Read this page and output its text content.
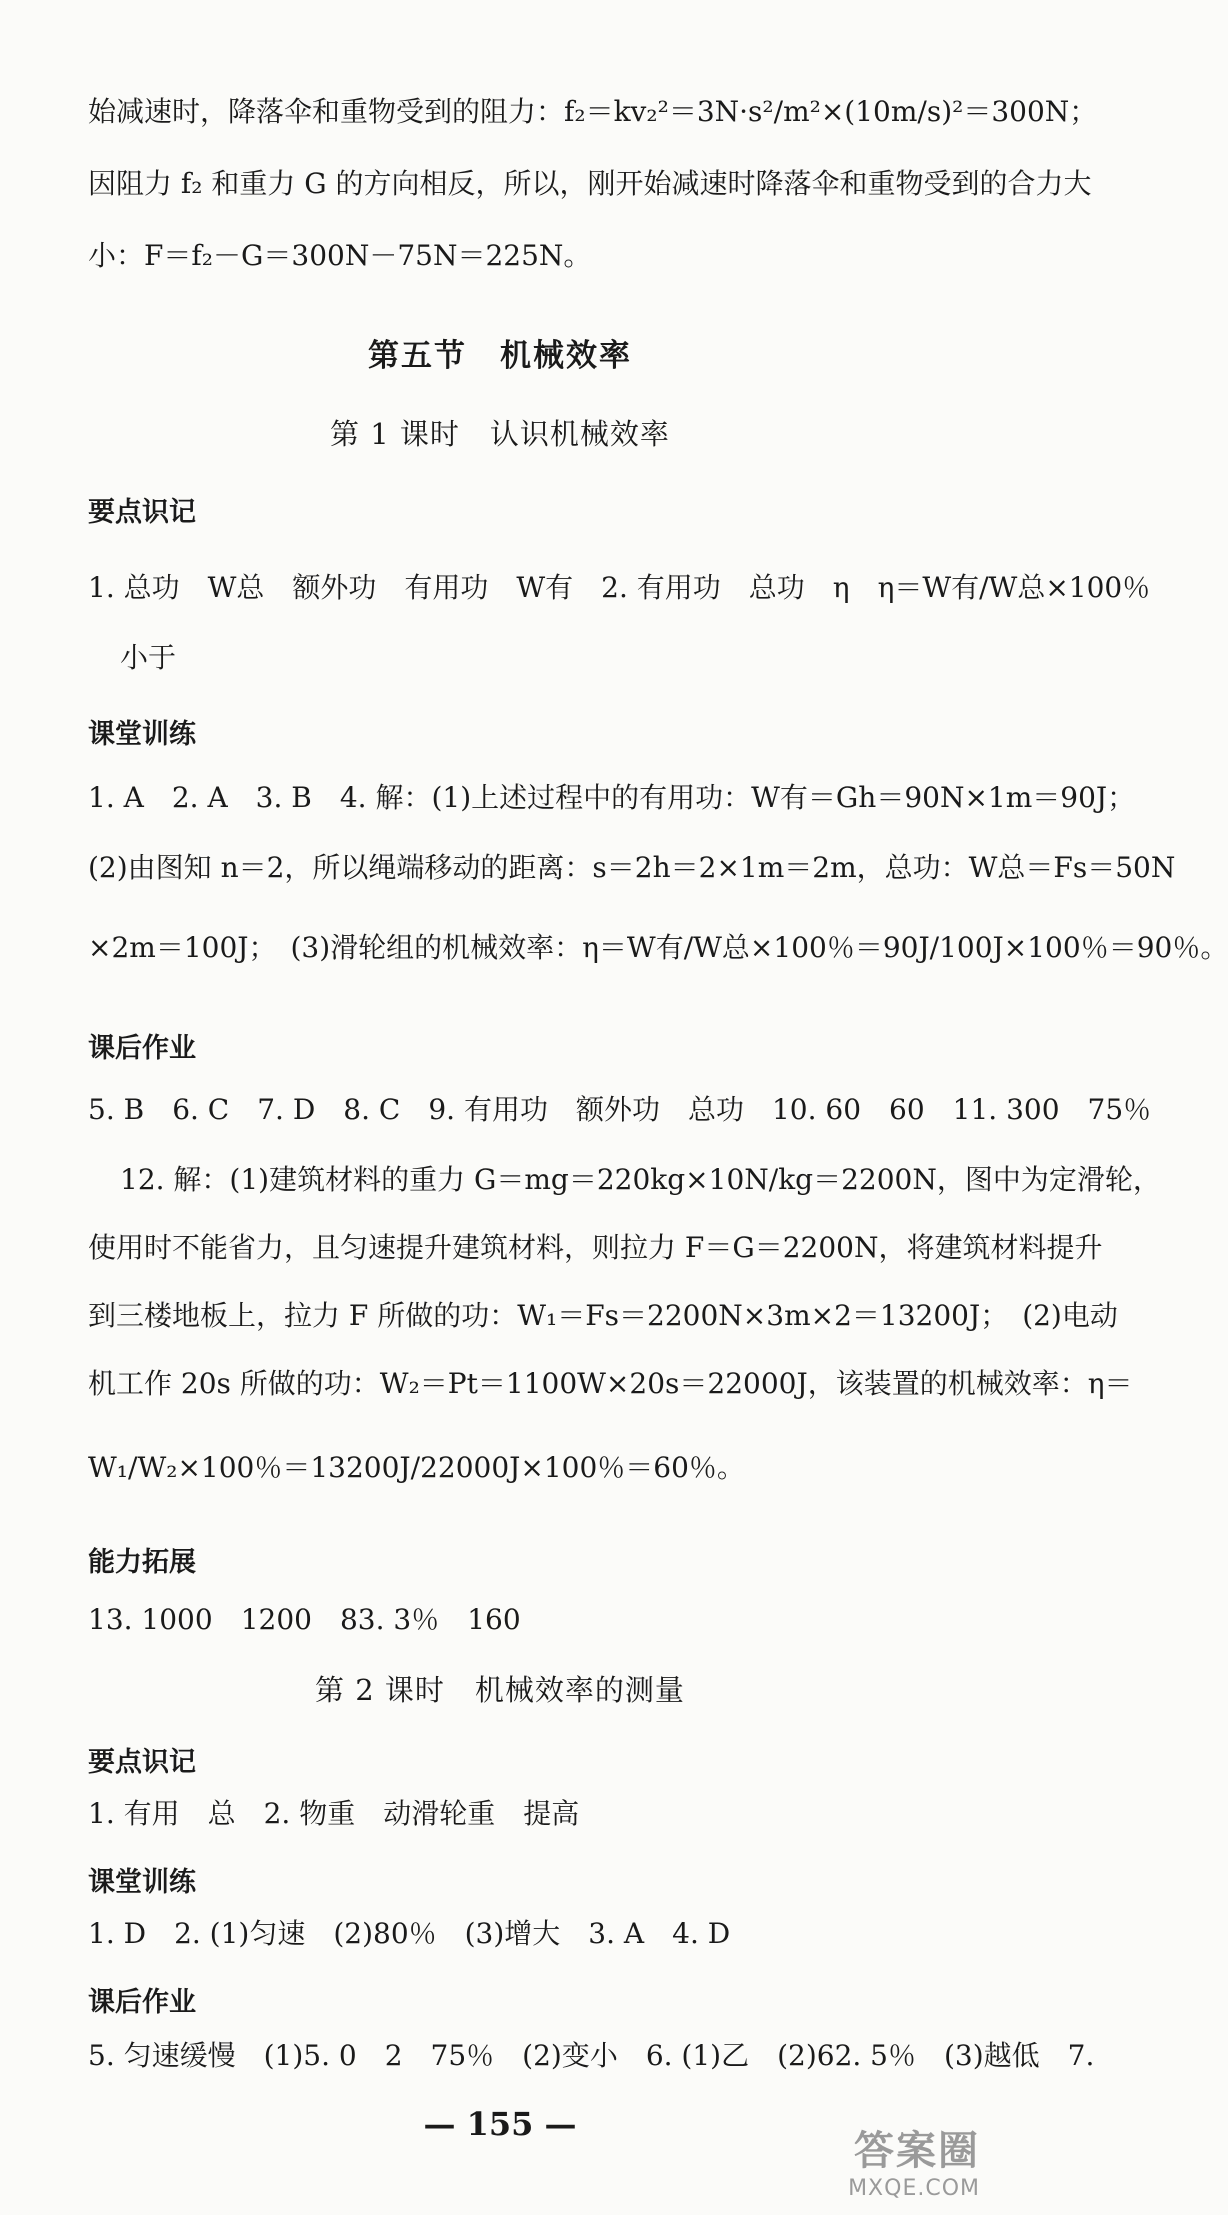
始减速时，降落伞和重物受到的阻力：f₂＝kv₂²＝3N·s²/m²×(10m/s)²＝300N；
因阻力 f₂ 和重力 G 的方向相反，所以，刚开始减速时降落伞和重物受到的合力大
小：F＝f₂－G＝300N－75N＝225N。
第五节　机械效率
第 1 课时　认识机械效率
要点识记
1. 总功　W总　额外功　有用功　W有　2. 有用功　总功　η　η＝W有/W总×100％
小于
课堂训练
1. A　2. A　3. B　4. 解：(1)上述过程中的有用功：W有＝Gh＝90N×1m＝90J；
(2)由图知 n＝2，所以绳端移动的距离：s＝2h＝2×1m＝2m，总功：W总＝Fs＝50N
×2m＝100J；　(3)滑轮组的机械效率：η＝W有/W总×100％＝90J/100J×100％＝90％。
课后作业
5. B　6. C　7. D　8. C　9. 有用功　额外功　总功　10. 60　60　11. 300　75％
12. 解：(1)建筑材料的重力 G＝mg＝220kg×10N/kg＝2200N，图中为定滑轮，
使用时不能省力，且匀速提升建筑材料，则拉力 F＝G＝2200N，将建筑材料提升
到三楼地板上，拉力 F 所做的功：W₁＝Fs＝2200N×3m×2＝13200J；　(2)电动
机工作 20s 所做的功：W₂＝Pt＝1100W×20s＝22000J，该装置的机械效率：η＝
W₁/W₂×100％＝13200J/22000J×100％＝60％。
能力拓展
13. 1000　1200　83. 3％　160
第 2 课时　机械效率的测量
要点识记
1. 有用　总　2. 物重　动滑轮重　提高
课堂训练
1. D　2. (1)匀速　(2)80％　(3)增大　3. A　4. D
课后作业
5. 匀速缓慢　(1)5. 0　2　75％　(2)变小　6. (1)乙　(2)62. 5％　(3)越低　7.
— 155 —
答案圈
MXQE.COM
